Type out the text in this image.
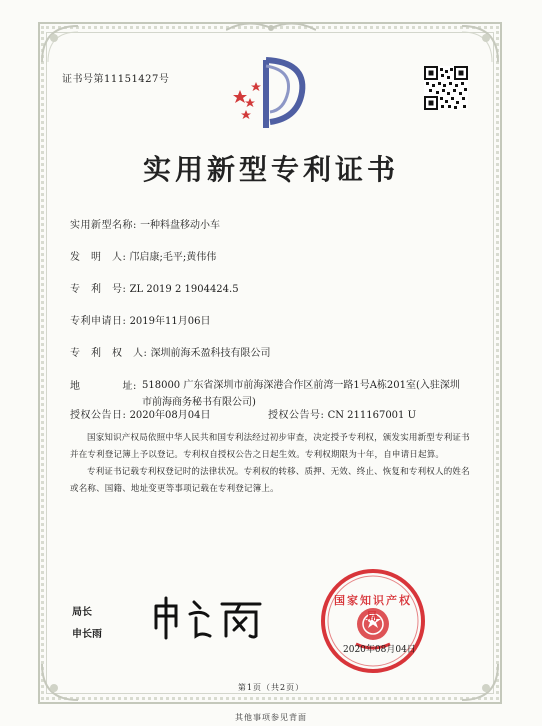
证书号第11151427号
实用新型专利证书
实用新型名称: 一种料盘移动小车
发　明　人: 邝启康;毛平;黄伟伟
专　利　号: ZL 2019 2 1904424.5
专利申请日: 2019年11月06日
专　利　权　人: 深圳前海禾盈科技有限公司
地　　　　址: 518000 广东省深圳市前海深港合作区前湾一路1号A栋201室(入驻深圳市前海商务秘书有限公司)
授权公告日: 2020年08月04日	授权公告号: CN 211167001 U

国家知识产权局依照中华人民共和国专利法经过初步审查，决定授予专利权，颁发实用新型专利证书并在专利登记簿上予以登记。专利权自授权公告之日起生效。专利权期限为十年，自申请日起算。

专利证书记载专利权登记时的法律状况。专利权的转移、质押、无效、终止、恢复和专利权人的姓名或名称、国籍、地址变更等事项记载在专利登记簿上。

局长
申长雨
国家知识产权局
2020年08月04日
第1页（共2页）
其他事项参见背面
